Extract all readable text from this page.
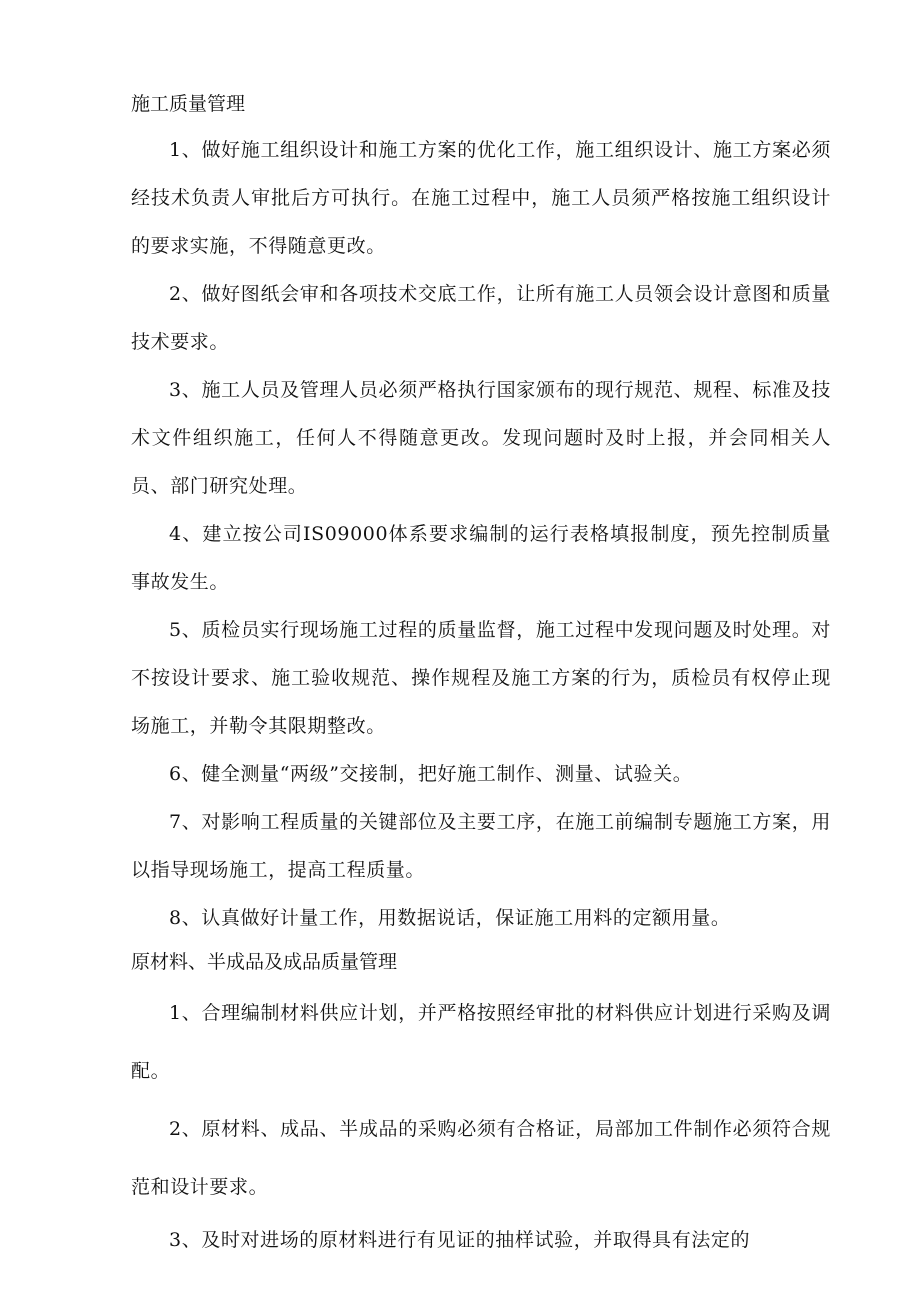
施工质量管理

1、做好施工组织设计和施工方案的优化工作，施工组织设计、施工方案必须经技术负责人审批后方可执行。在施工过程中，施工人员须严格按施工组织设计的要求实施，不得随意更改。

2、做好图纸会审和各项技术交底工作，让所有施工人员领会设计意图和质量技术要求。

3、施工人员及管理人员必须严格执行国家颁布的现行规范、规程、标准及技术文件组织施工，任何人不得随意更改。发现问题时及时上报，并会同相关人员、部门研究处理。

4、建立按公司IS09000体系要求编制的运行表格填报制度，预先控制质量事故发生。

5、质检员实行现场施工过程的质量监督，施工过程中发现问题及时处理。对不按设计要求、施工验收规范、操作规程及施工方案的行为，质检员有权停止现场施工，并勒令其限期整改。

6、健全测量“两级”交接制，把好施工制作、测量、试验关。

7、对影响工程质量的关键部位及主要工序，在施工前编制专题施工方案，用以指导现场施工，提高工程质量。

8、认真做好计量工作，用数据说话，保证施工用料的定额用量。

原材料、半成品及成品质量管理

1、合理编制材料供应计划，并严格按照经审批的材料供应计划进行采购及调配。

2、原材料、成品、半成品的采购必须有合格证，局部加工件制作必须符合规范和设计要求。

3、及时对进场的原材料进行有见证的抽样试验，并取得具有法定的
